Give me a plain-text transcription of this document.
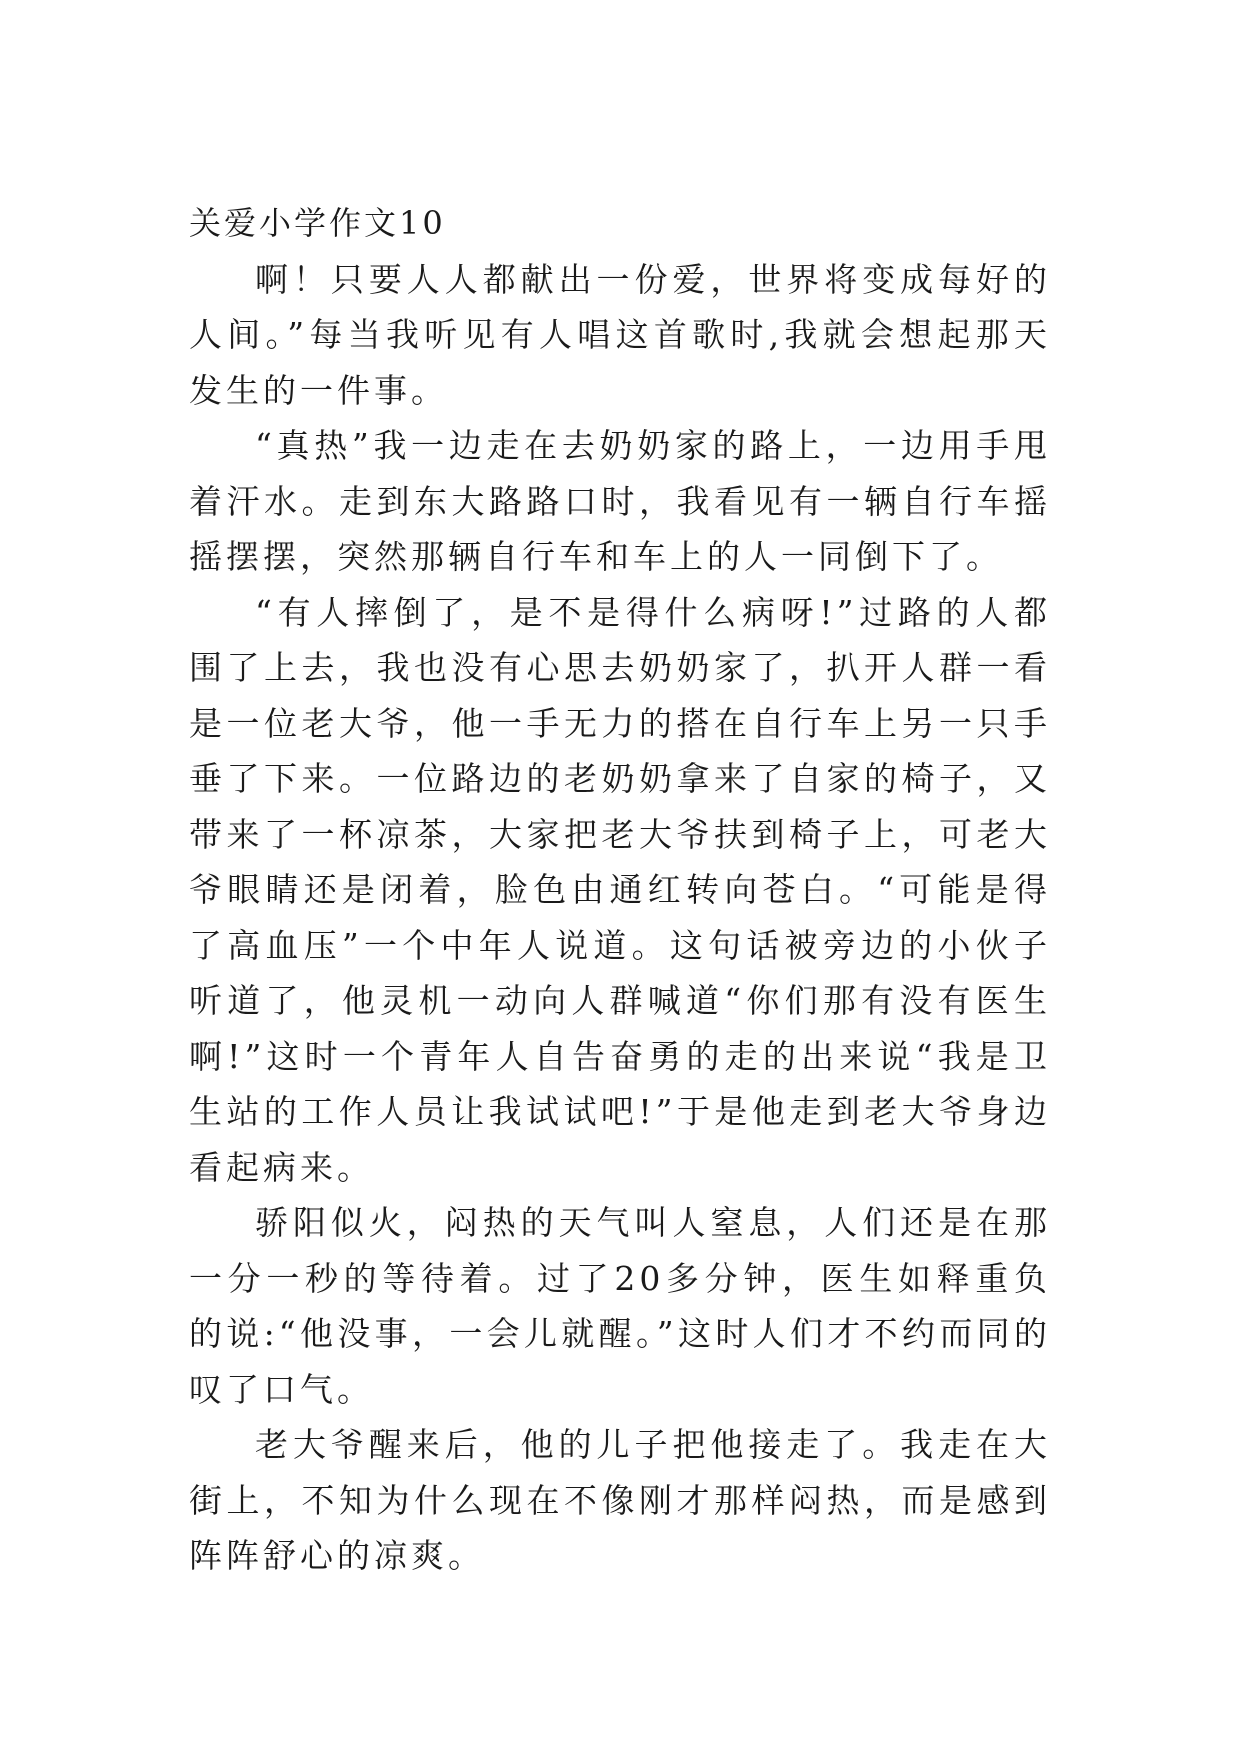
关爱小学作文10

啊！只要人人都献出一份爱，世界将变成每好的人间。”每当我听见有人唱这首歌时,我就会想起那天发生的一件事。

“真热”我一边走在去奶奶家的路上，一边用手甩着汗水。走到东大路路口时，我看见有一辆自行车摇摇摆摆，突然那辆自行车和车上的人一同倒下了。

“有人摔倒了，是不是得什么病呀!”过路的人都围了上去，我也没有心思去奶奶家了，扒开人群一看是一位老大爷，他一手无力的搭在自行车上另一只手垂了下来。一位路边的老奶奶拿来了自家的椅子，又带来了一杯凉茶，大家把老大爷扶到椅子上，可老大爷眼睛还是闭着，脸色由通红转向苍白。“可能是得了高血压”一个中年人说道。这句话被旁边的小伙子听道了，他灵机一动向人群喊道“你们那有没有医生啊!”这时一个青年人自告奋勇的走的出来说“我是卫生站的工作人员让我试试吧!”于是他走到老大爷身边看起病来。

骄阳似火，闷热的天气叫人窒息，人们还是在那一分一秒的等待着。过了20多分钟，医生如释重负的说:“他没事，一会儿就醒。”这时人们才不约而同的叹了口气。

老大爷醒来后，他的儿子把他接走了。我走在大街上，不知为什么现在不像刚才那样闷热，而是感到阵阵舒心的凉爽。
